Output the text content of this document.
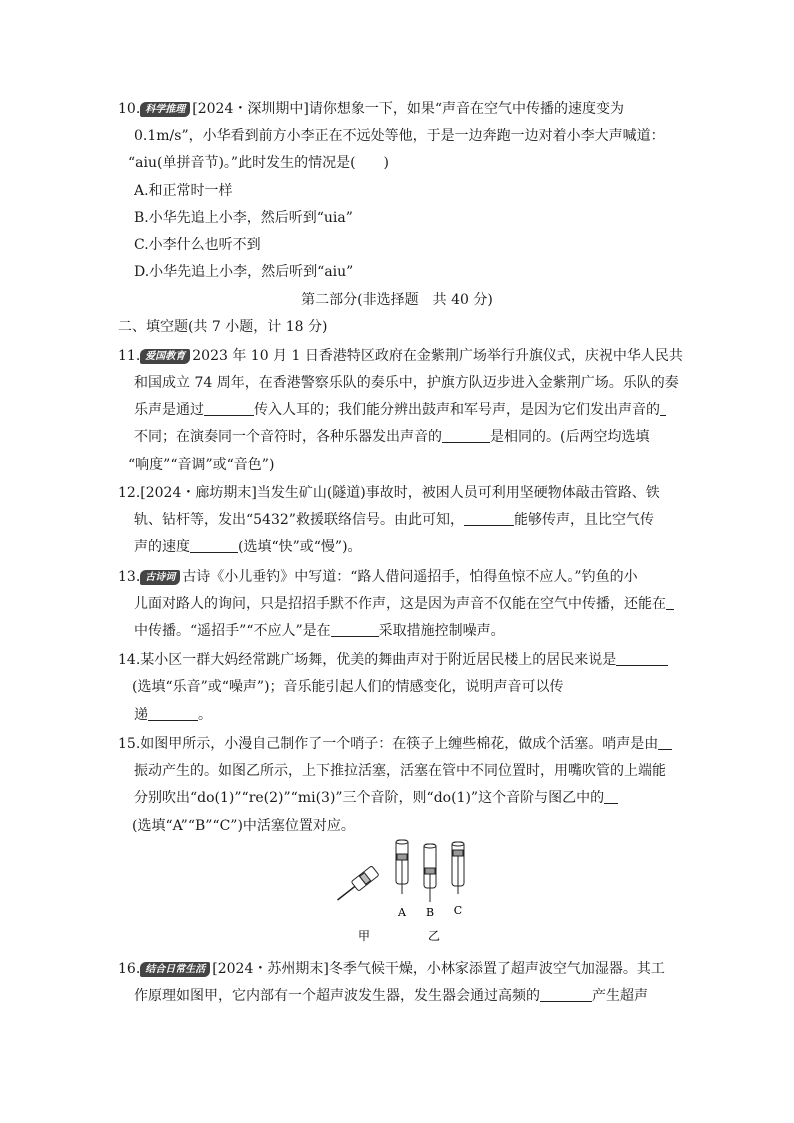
10. 科学推理 [2024・深圳期中]请你想象一下，如果“声音在空气中传播的速度变为
0.1m/s”，小华看到前方小李正在不远处等他，于是一边奔跑一边对着小李大声喊道：
“aiu(单拼音节)。”此时发生的情况是(　　)
A.和正常时一样
B.小华先追上小李，然后听到“uia”
C.小李什么也听不到
D.小华先追上小李，然后听到“aiu”
第二部分(非选择题　共 40 分)
二、填空题(共 7 小题，计 18 分)
11. 爱国教育 2023 年 10 月 1 日香港特区政府在金紫荆广场举行升旗仪式，庆祝中华人民共
和国成立 74 周年，在香港警察乐队的奏乐中，护旗方队迈步进入金紫荆广场。乐队的奏
乐声是通过	传入人耳的；我们能分辨出鼓声和军号声，是因为它们发出声音的
不同；在演奏同一个音符时，各种乐器发出声音的	是相同的。(后两空均选填
“响度”“音调”或“音色”)
12.[2024・廊坊期末]当发生矿山(隧道)事故时，被困人员可利用坚硬物体敲击管路、铁
轨、钻杆等，发出“5432”救援联络信号。由此可知，	能够传声，且比空气传
声的速度	(选填“快”或“慢”)。
13. 古诗词 古诗《小儿垂钓》中写道：“路人借问遥招手，怕得鱼惊不应人。”钓鱼的小
儿面对路人的询问，只是招招手默不作声，这是因为声音不仅能在空气中传播，还能在
中传播。“遥招手”“不应人”是在	采取措施控制噪声。
14.某小区一群大妈经常跳广场舞，优美的舞曲声对于附近居民楼上的居民来说是
(选填“乐音”或“噪声”)；音乐能引起人们的情感变化，说明声音可以传
递	。
15.如图甲所示，小漫自己制作了一个哨子：在筷子上缠些棉花，做成个活塞。哨声是由
振动产生的。如图乙所示，上下推拉活塞，活塞在管中不同位置时，用嘴吹管的上端能
分别吹出“do(1)”“re(2)”“mi(3)”三个音阶，则“do(1)”这个音阶与图乙中的
(选填“A”“B”“C”)中活塞位置对应。
A B C
甲	乙
16. 结合日常生活 [2024・苏州期末]冬季气候干燥，小林家添置了超声波空气加湿器。其工
作原理如图甲，它内部有一个超声波发生器，发生器会通过高频的	产生超声
